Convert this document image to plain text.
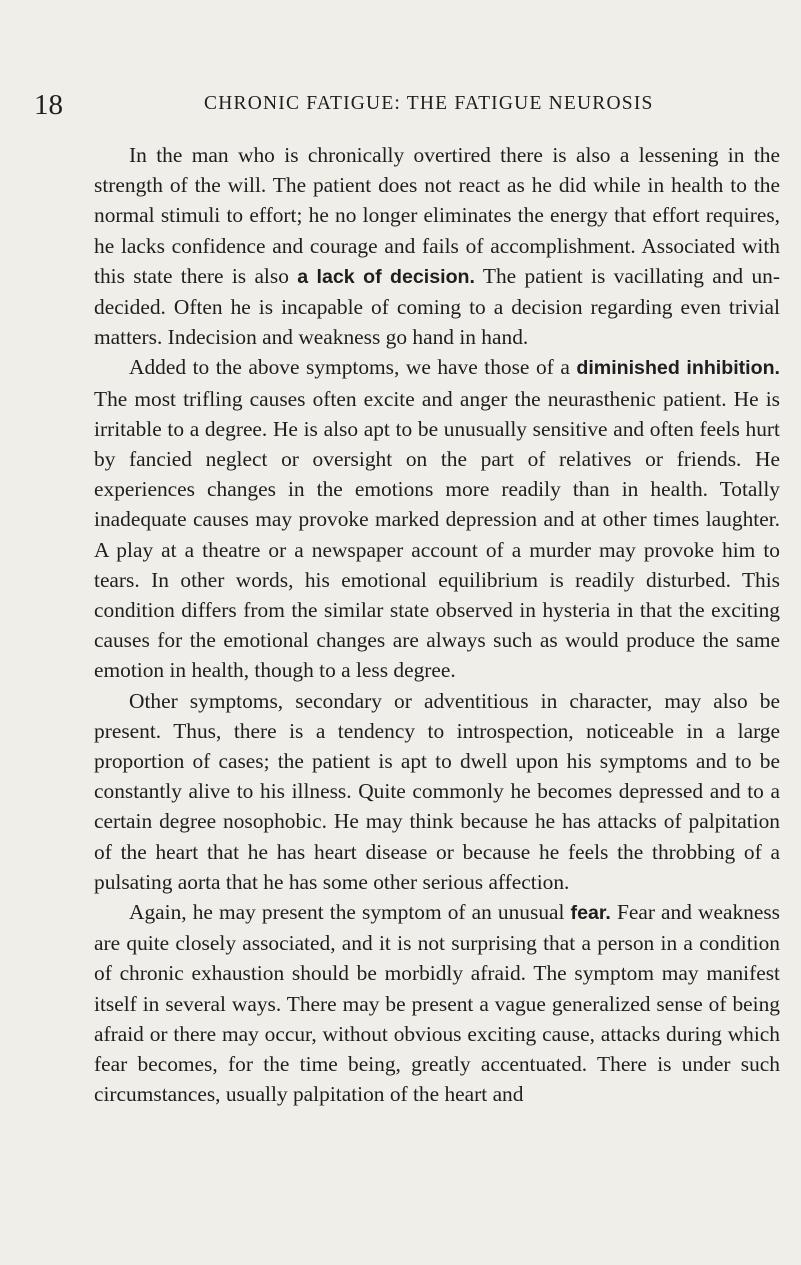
18	CHRONIC FATIGUE: THE FATIGUE NEUROSIS

In the man who is chronically overtired there is also a lessening in the strength of the will. The patient does not react as he did while in health to the normal stimuli to effort; he no longer eliminates the energy that effort requires, he lacks confidence and courage and fails of accomplishment. Associated with this state there is also a lack of decision. The patient is vacillating and undecided. Often he is incapable of coming to a decision regarding even trivial matters. Indecision and weakness go hand in hand.

Added to the above symptoms, we have those of a diminished inhibition. The most trifling causes often excite and anger the neurasthenic patient. He is irritable to a degree. He is also apt to be unusually sensitive and often feels hurt by fancied neglect or oversight on the part of relatives or friends. He experiences changes in the emotions more readily than in health. Totally inadequate causes may provoke marked depression and at other times laughter. A play at a theatre or a newspaper account of a murder may provoke him to tears. In other words, his emotional equilibrium is readily disturbed. This condition differs from the similar state observed in hysteria in that the exciting causes for the emotional changes are always such as would produce the same emotion in health, though to a less degree.

Other symptoms, secondary or adventitious in character, may also be present. Thus, there is a tendency to introspection, noticeable in a large proportion of cases; the patient is apt to dwell upon his symptoms and to be constantly alive to his illness. Quite commonly he becomes depressed and to a certain degree nosophobic. He may think because he has attacks of palpitation of the heart that he has heart disease or because he feels the throbbing of a pulsating aorta that he has some other serious affection.

Again, he may present the symptom of an unusual fear. Fear and weakness are quite closely associated, and it is not surprising that a person in a condition of chronic exhaustion should be morbidly afraid. The symptom may manifest itself in several ways. There may be present a vague generalized sense of being afraid or there may occur, without obvious exciting cause, attacks during which fear becomes, for the time being, greatly accentuated. There is under such circumstances, usually palpitation of the heart and
